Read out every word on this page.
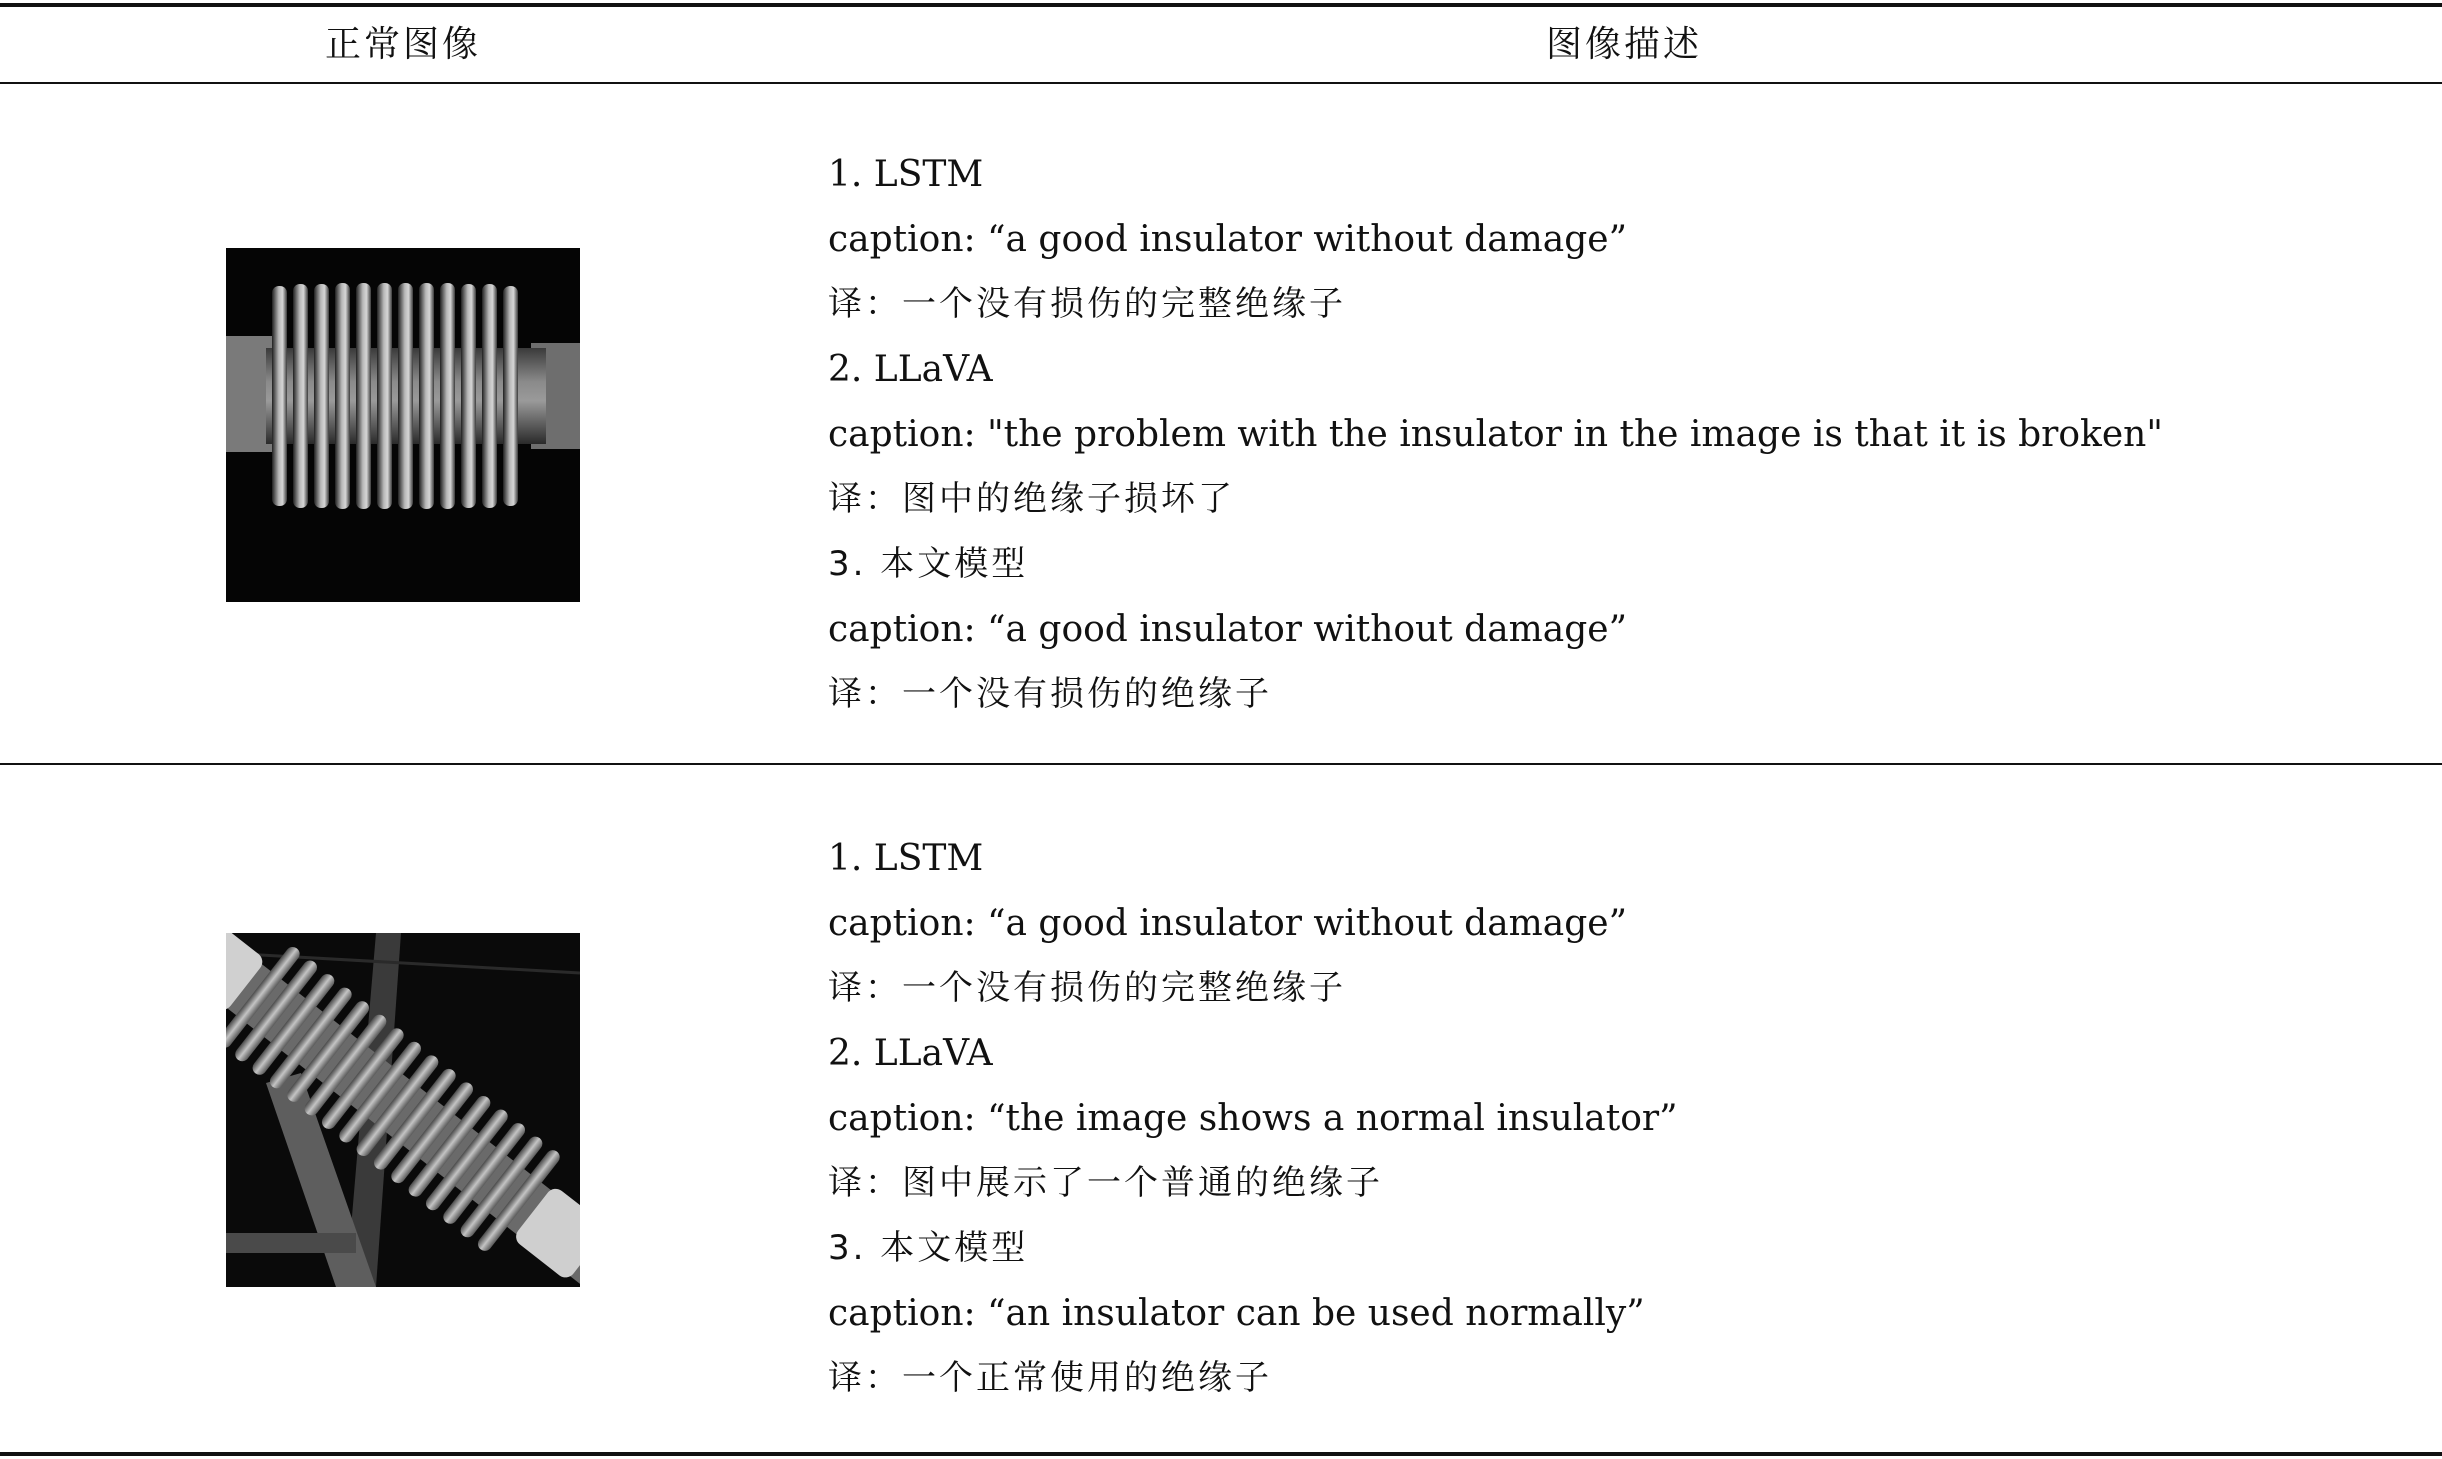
正常图像	图像描述
1. LSTM
caption: “a good insulator without damage”
译：一个没有损伤的完整绝缘子
2. LLaVA
caption: "the problem with the insulator in the image is that it is broken"
译：图中的绝缘子损坏了
3. 本文模型
caption: “a good insulator without damage”
译：一个没有损伤的绝缘子
1. LSTM
caption: “a good insulator without damage”
译：一个没有损伤的完整绝缘子
2. LLaVA
caption: “the image shows a normal insulator”
译：图中展示了一个普通的绝缘子
3. 本文模型
caption: “an insulator can be used normally”
译：一个正常使用的绝缘子
